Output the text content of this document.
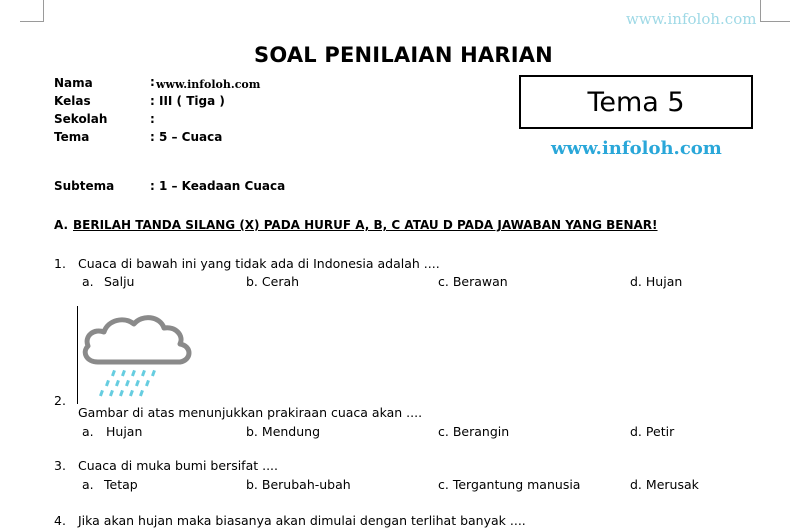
www.infoloh.com
SOAL PENILAIAN HARIAN
Nama	: www.infoloh.com
Kelas	: III ( Tiga )
Sekolah	:
Tema	: 5 – Cuaca
Subtema	: 1 – Keadaan Cuaca
Tema 5
www.infoloh.com
A. BERILAH TANDA SILANG (X) PADA HURUF A, B, C ATAU D PADA JAWABAN YANG BENAR!
1. Cuaca di bawah ini yang tidak ada di Indonesia adalah ....
a. Salju	b. Cerah	c. Berawan	d. Hujan
2.
Gambar di atas menunjukkan prakiraan cuaca akan ....
a. Hujan	b. Mendung	c. Berangin	d. Petir
3. Cuaca di muka bumi bersifat ....
a. Tetap	b. Berubah-ubah	c. Tergantung manusia	d. Merusak
4. Jika akan hujan maka biasanya akan dimulai dengan terlihat banyak ....
